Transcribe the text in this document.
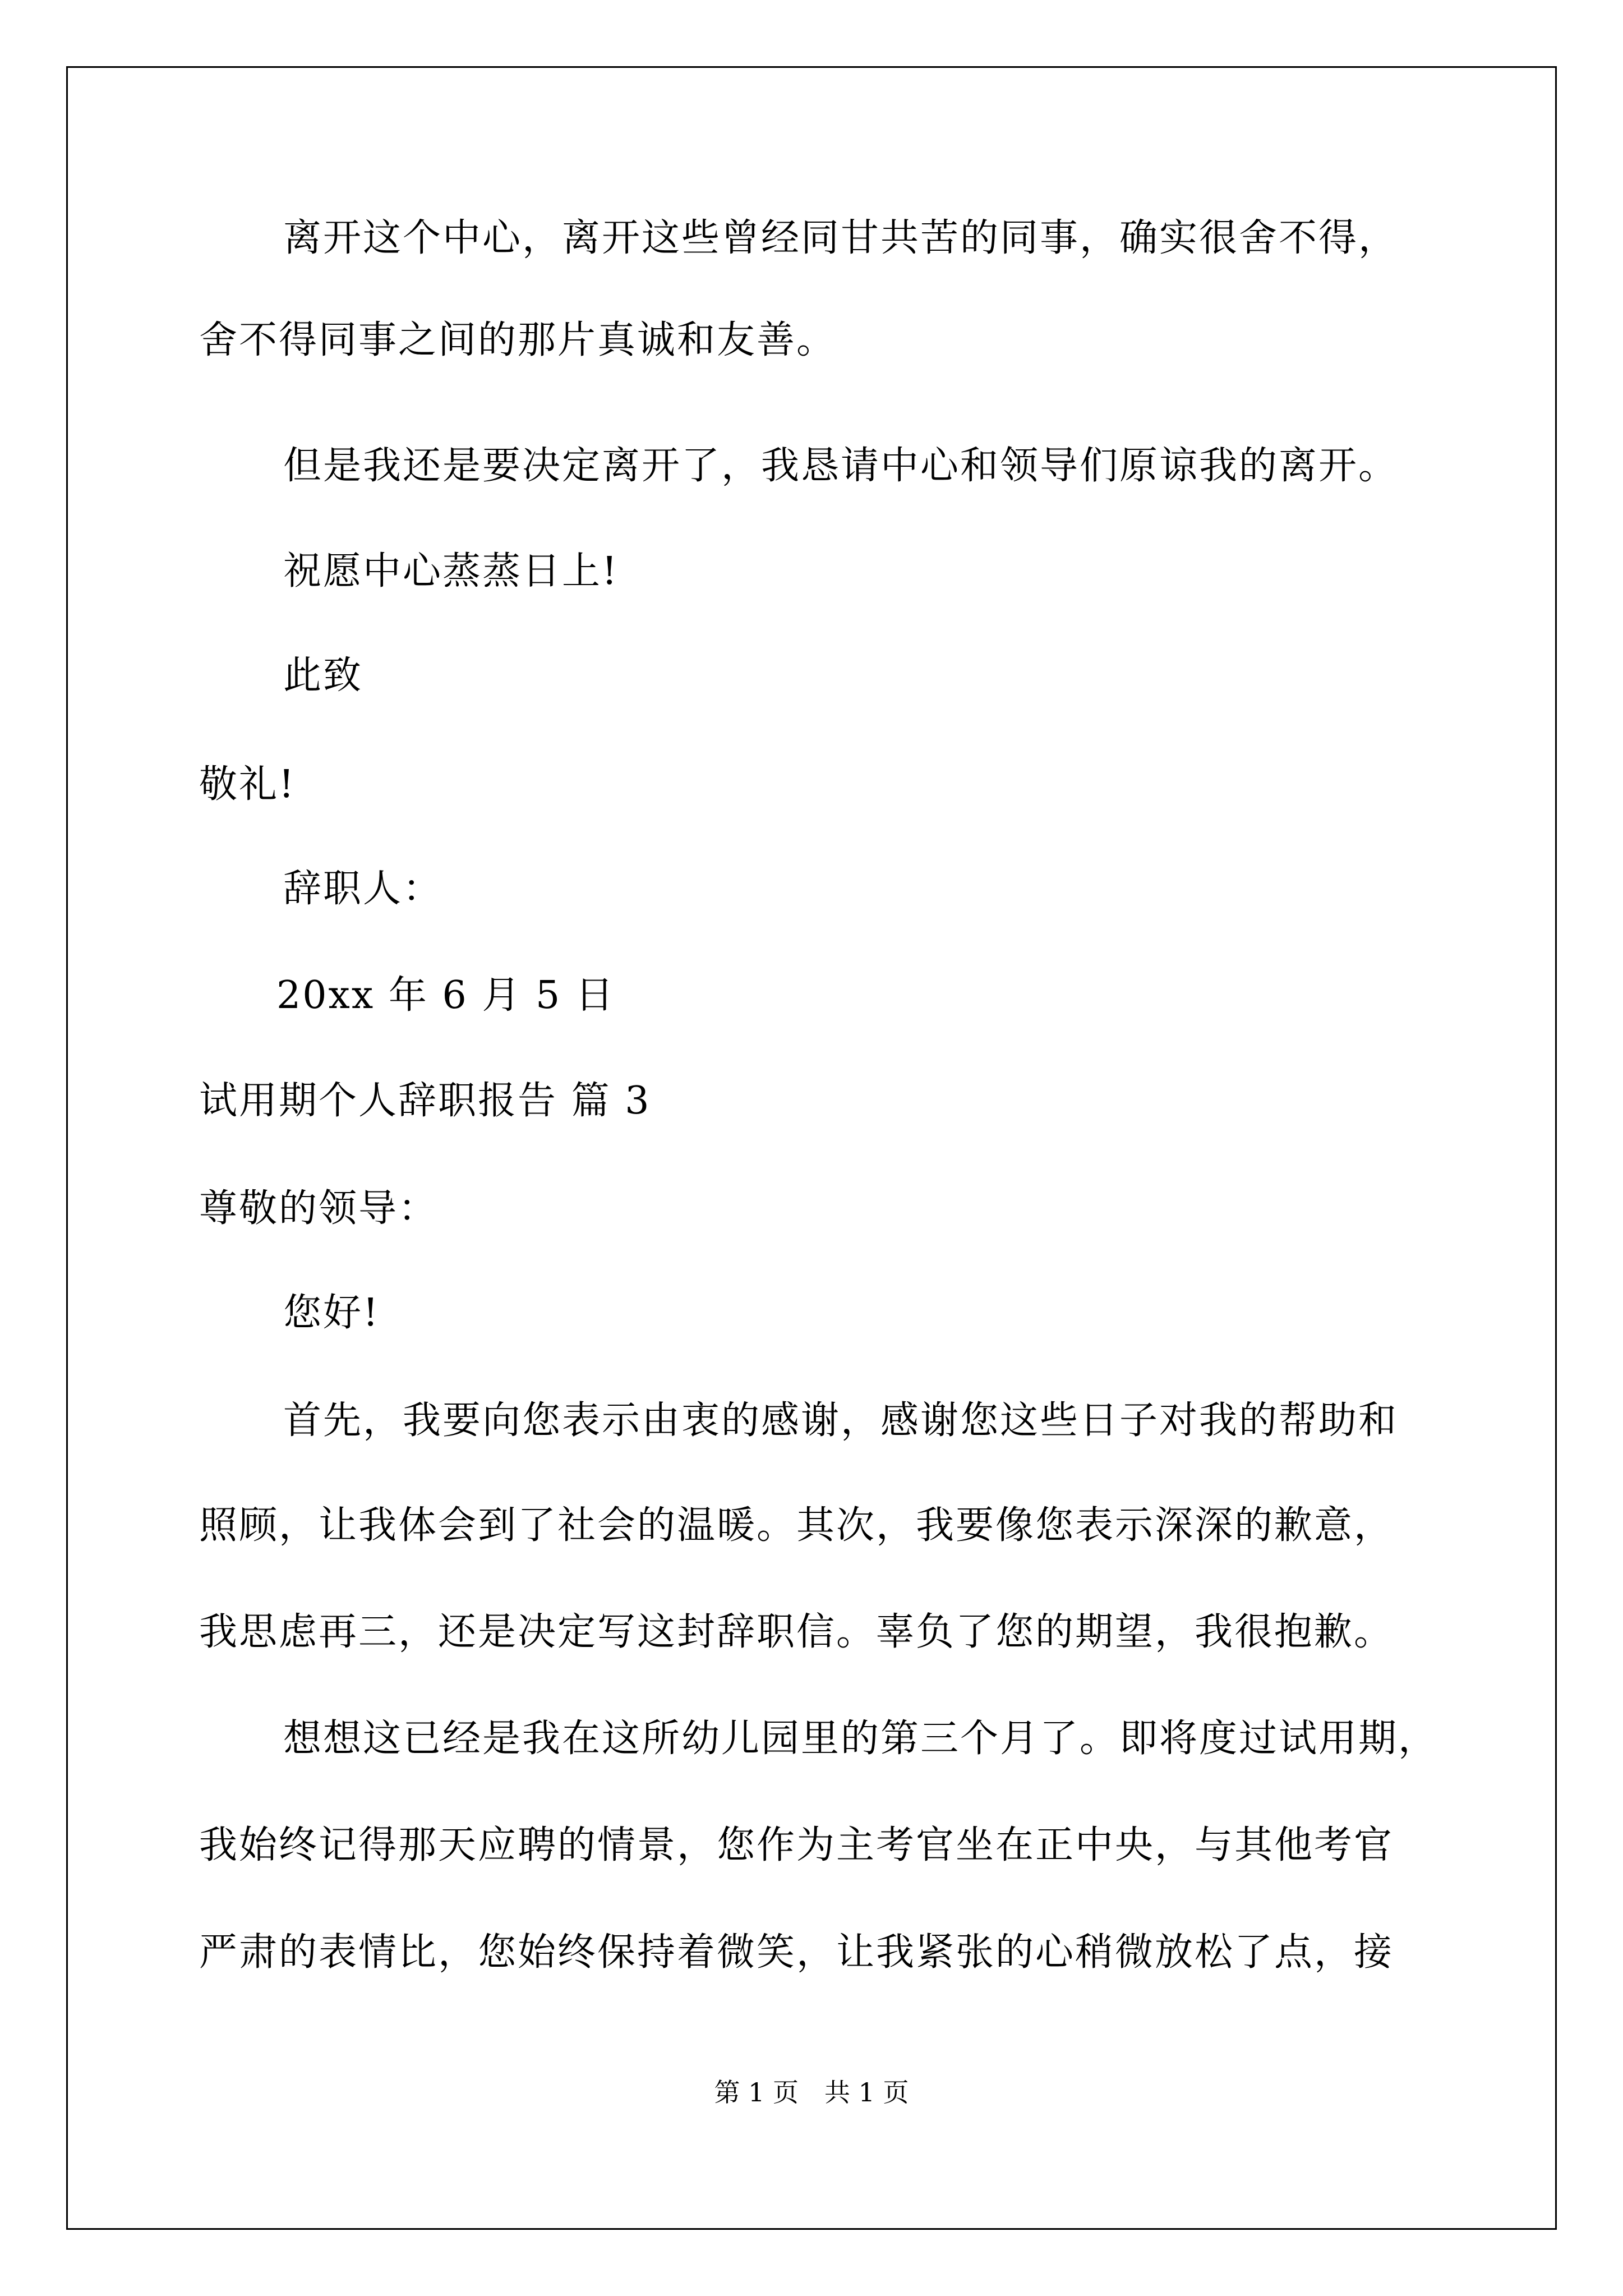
离开这个中心，离开这些曾经同甘共苦的同事，确实很舍不得，
舍不得同事之间的那片真诚和友善。
但是我还是要决定离开了，我恳请中心和领导们原谅我的离开。
祝愿中心蒸蒸日上!
此致
敬礼!
辞职人：
20xx 年 6 月 5 日
试用期个人辞职报告 篇 3
尊敬的领导：
您好!
首先，我要向您表示由衷的感谢，感谢您这些日子对我的帮助和
照顾，让我体会到了社会的温暖。其次，我要像您表示深深的歉意，
我思虑再三，还是决定写这封辞职信。辜负了您的期望，我很抱歉。
想想这已经是我在这所幼儿园里的第三个月了。即将度过试用期，
我始终记得那天应聘的情景，您作为主考官坐在正中央，与其他考官
严肃的表情比，您始终保持着微笑，让我紧张的心稍微放松了点，接
第 1 页 共 1 页
